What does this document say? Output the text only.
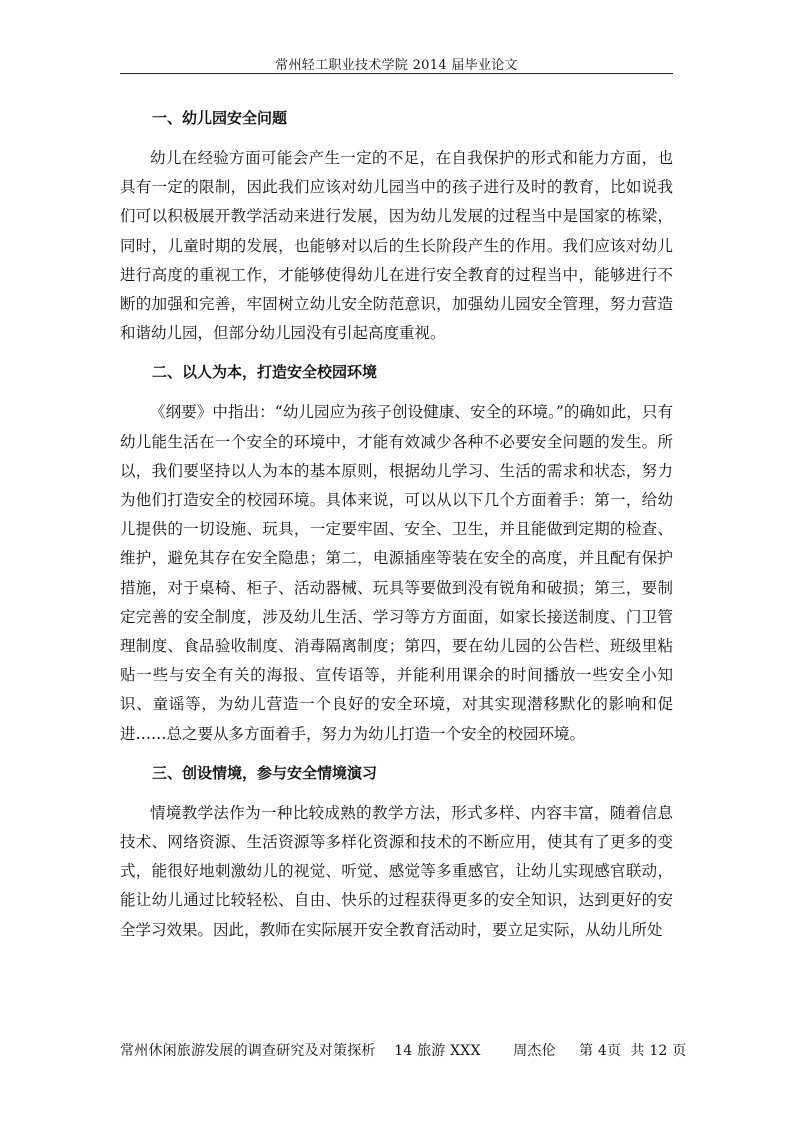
常州轻工职业技术学院 2014 届毕业论文
一、幼儿园安全问题

幼儿在经验方面可能会产生一定的不足，在自我保护的形式和能力方面，也具有一定的限制，因此我们应该对幼儿园当中的孩子进行及时的教育，比如说我们可以积极展开教学活动来进行发展，因为幼儿发展的过程当中是国家的栋梁，同时，儿童时期的发展，也能够对以后的生长阶段产生的作用。我们应该对幼儿进行高度的重视工作，才能够使得幼儿在进行安全教育的过程当中，能够进行不断的加强和完善，牢固树立幼儿安全防范意识，加强幼儿园安全管理，努力营造和谐幼儿园，但部分幼儿园没有引起高度重视。

二、以人为本，打造安全校园环境

《纲要》中指出：“幼儿园应为孩子创设健康、安全的环境。”的确如此，只有幼儿能生活在一个安全的环境中，才能有效减少各种不必要安全问题的发生。所以，我们要坚持以人为本的基本原则，根据幼儿学习、生活的需求和状态，努力为他们打造安全的校园环境。具体来说，可以从以下几个方面着手：第一，给幼儿提供的一切设施、玩具，一定要牢固、安全、卫生，并且能做到定期的检查、维护，避免其存在安全隐患；第二，电源插座等装在安全的高度，并且配有保护措施，对于桌椅、柜子、活动器械、玩具等要做到没有锐角和破损；第三，要制定完善的安全制度，涉及幼儿生活、学习等方方面面，如家长接送制度、门卫管理制度、食品验收制度、消毒隔离制度；第四，要在幼儿园的公告栏、班级里粘贴一些与安全有关的海报、宣传语等，并能利用课余的时间播放一些安全小知识、童谣等，为幼儿营造一个良好的安全环境，对其实现潜移默化的影响和促进……总之要从多方面着手，努力为幼儿打造一个安全的校园环境。

三、创设情境，参与安全情境演习

情境教学法作为一种比较成熟的教学方法，形式多样、内容丰富，随着信息技术、网络资源、生活资源等多样化资源和技术的不断应用，使其有了更多的变式，能很好地刺激幼儿的视觉、听觉、感觉等多重感官，让幼儿实现感官联动，能让幼儿通过比较轻松、自由、快乐的过程获得更多的安全知识，达到更好的安全学习效果。因此，教师在实际展开安全教育活动时，要立足实际，从幼儿所处

常州休闲旅游发展的调查研究及对策探析    14 旅游 XXX       周杰伦     第 4页  共 12 页
